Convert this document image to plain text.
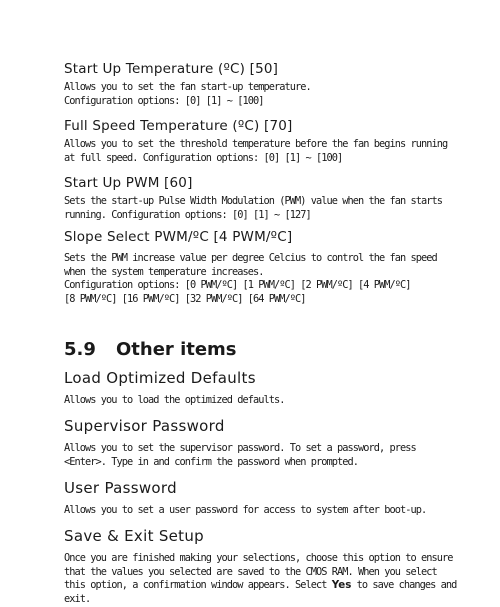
Start Up Temperature (ºC) [50]
Allows you to set the fan start-up temperature.
Configuration options: [0] [1] ~ [100]
Full Speed Temperature (ºC) [70]
Allows you to set the threshold temperature before the fan begins running
at full speed. Configuration options: [0] [1] ~ [100]
Start Up PWM [60]
Sets the start-up Pulse Width Modulation (PWM) value when the fan starts
running. Configuration options: [0] [1] ~ [127]
Slope Select PWM/ºC [4 PWM/ºC]
Sets the PWM increase value per degree Celcius to control the fan speed
when the system temperature increases.
Configuration options: [0 PWM/ºC] [1 PWM/ºC] [2 PWM/ºC] [4 PWM/ºC]
[8 PWM/ºC] [16 PWM/ºC] [32 PWM/ºC] [64 PWM/ºC]
5.9 Other items
Load Optimized Defaults
Allows you to load the optimized defaults.
Supervisor Password
Allows you to set the supervisor password. To set a password, press
<Enter>. Type in and confirm the password when prompted.
User Password
Allows you to set a user password for access to system after boot-up.
Save & Exit Setup
Once you are finished making your selections, choose this option to ensure
that the values you selected are saved to the CMOS RAM. When you select
this option, a confirmation window appears. Select Yes to save changes and
exit.
